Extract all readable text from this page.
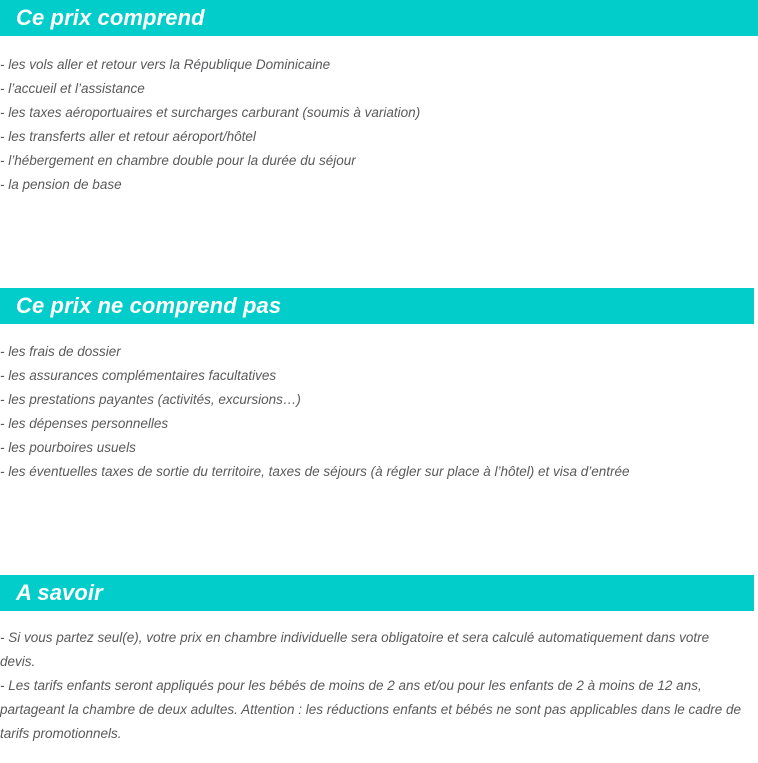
Ce prix comprend
- les vols aller et retour vers la République Dominicaine
- l’accueil et l’assistance
- les taxes aéroportuaires et surcharges carburant (soumis à variation)
- les transferts aller et retour aéroport/hôtel
- l’hébergement en chambre double pour la durée du séjour
- la pension de base
Ce prix ne comprend pas
- les frais de dossier
- les assurances complémentaires facultatives
- les prestations payantes (activités, excursions…)
- les dépenses personnelles
- les pourboires usuels
- les éventuelles taxes de sortie du territoire, taxes de séjours (à régler sur place à l’hôtel) et visa d’entrée
A savoir
- Si vous partez seul(e), votre prix en chambre individuelle sera obligatoire et sera calculé automatiquement dans votre devis.
- Les tarifs enfants seront appliqués pour les bébés de moins de 2 ans et/ou pour les enfants de 2 à moins de 12 ans, partageant la chambre de deux adultes. Attention : les réductions enfants et bébés ne sont pas applicables dans le cadre de tarifs promotionnels.
